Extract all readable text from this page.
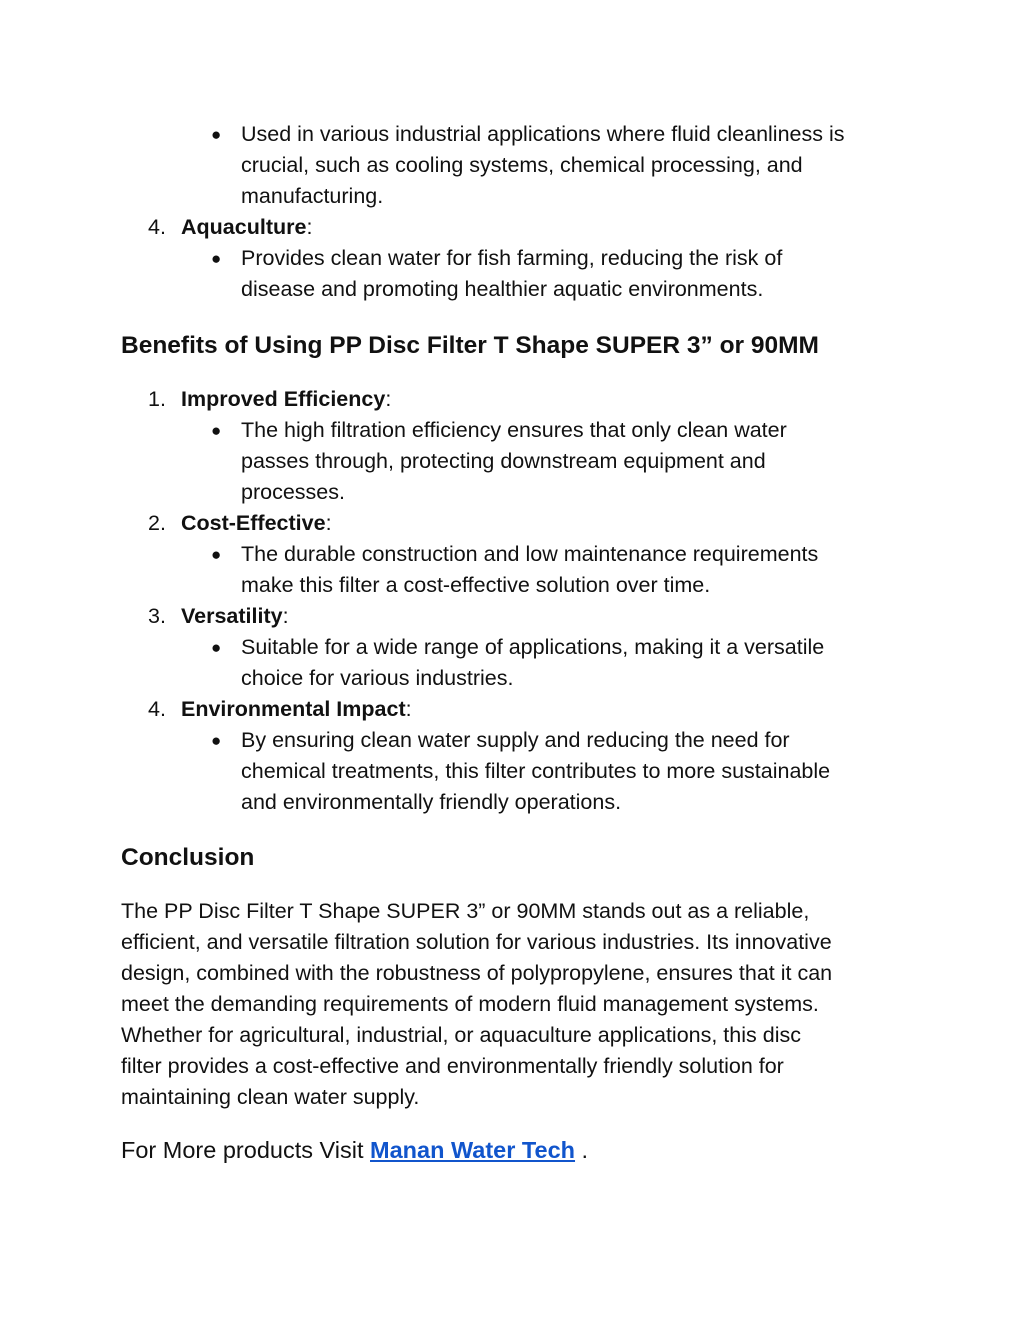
● Used in various industrial applications where fluid cleanliness is
crucial, such as cooling systems, chemical processing, and
manufacturing.
4. Aquaculture:
● Provides clean water for fish farming, reducing the risk of
disease and promoting healthier aquatic environments.
Benefits of Using PP Disc Filter T Shape SUPER 3” or 90MM
1. Improved Efficiency:
● The high filtration efficiency ensures that only clean water
passes through, protecting downstream equipment and
processes.
2. Cost-Effective:
● The durable construction and low maintenance requirements
make this filter a cost-effective solution over time.
3. Versatility:
● Suitable for a wide range of applications, making it a versatile
choice for various industries.
4. Environmental Impact:
● By ensuring clean water supply and reducing the need for
chemical treatments, this filter contributes to more sustainable
and environmentally friendly operations.
Conclusion
The PP Disc Filter T Shape SUPER 3” or 90MM stands out as a reliable,
efficient, and versatile filtration solution for various industries. Its innovative
design, combined with the robustness of polypropylene, ensures that it can
meet the demanding requirements of modern fluid management systems.
Whether for agricultural, industrial, or aquaculture applications, this disc
filter provides a cost-effective and environmentally friendly solution for
maintaining clean water supply.
For More products Visit Manan Water Tech .
